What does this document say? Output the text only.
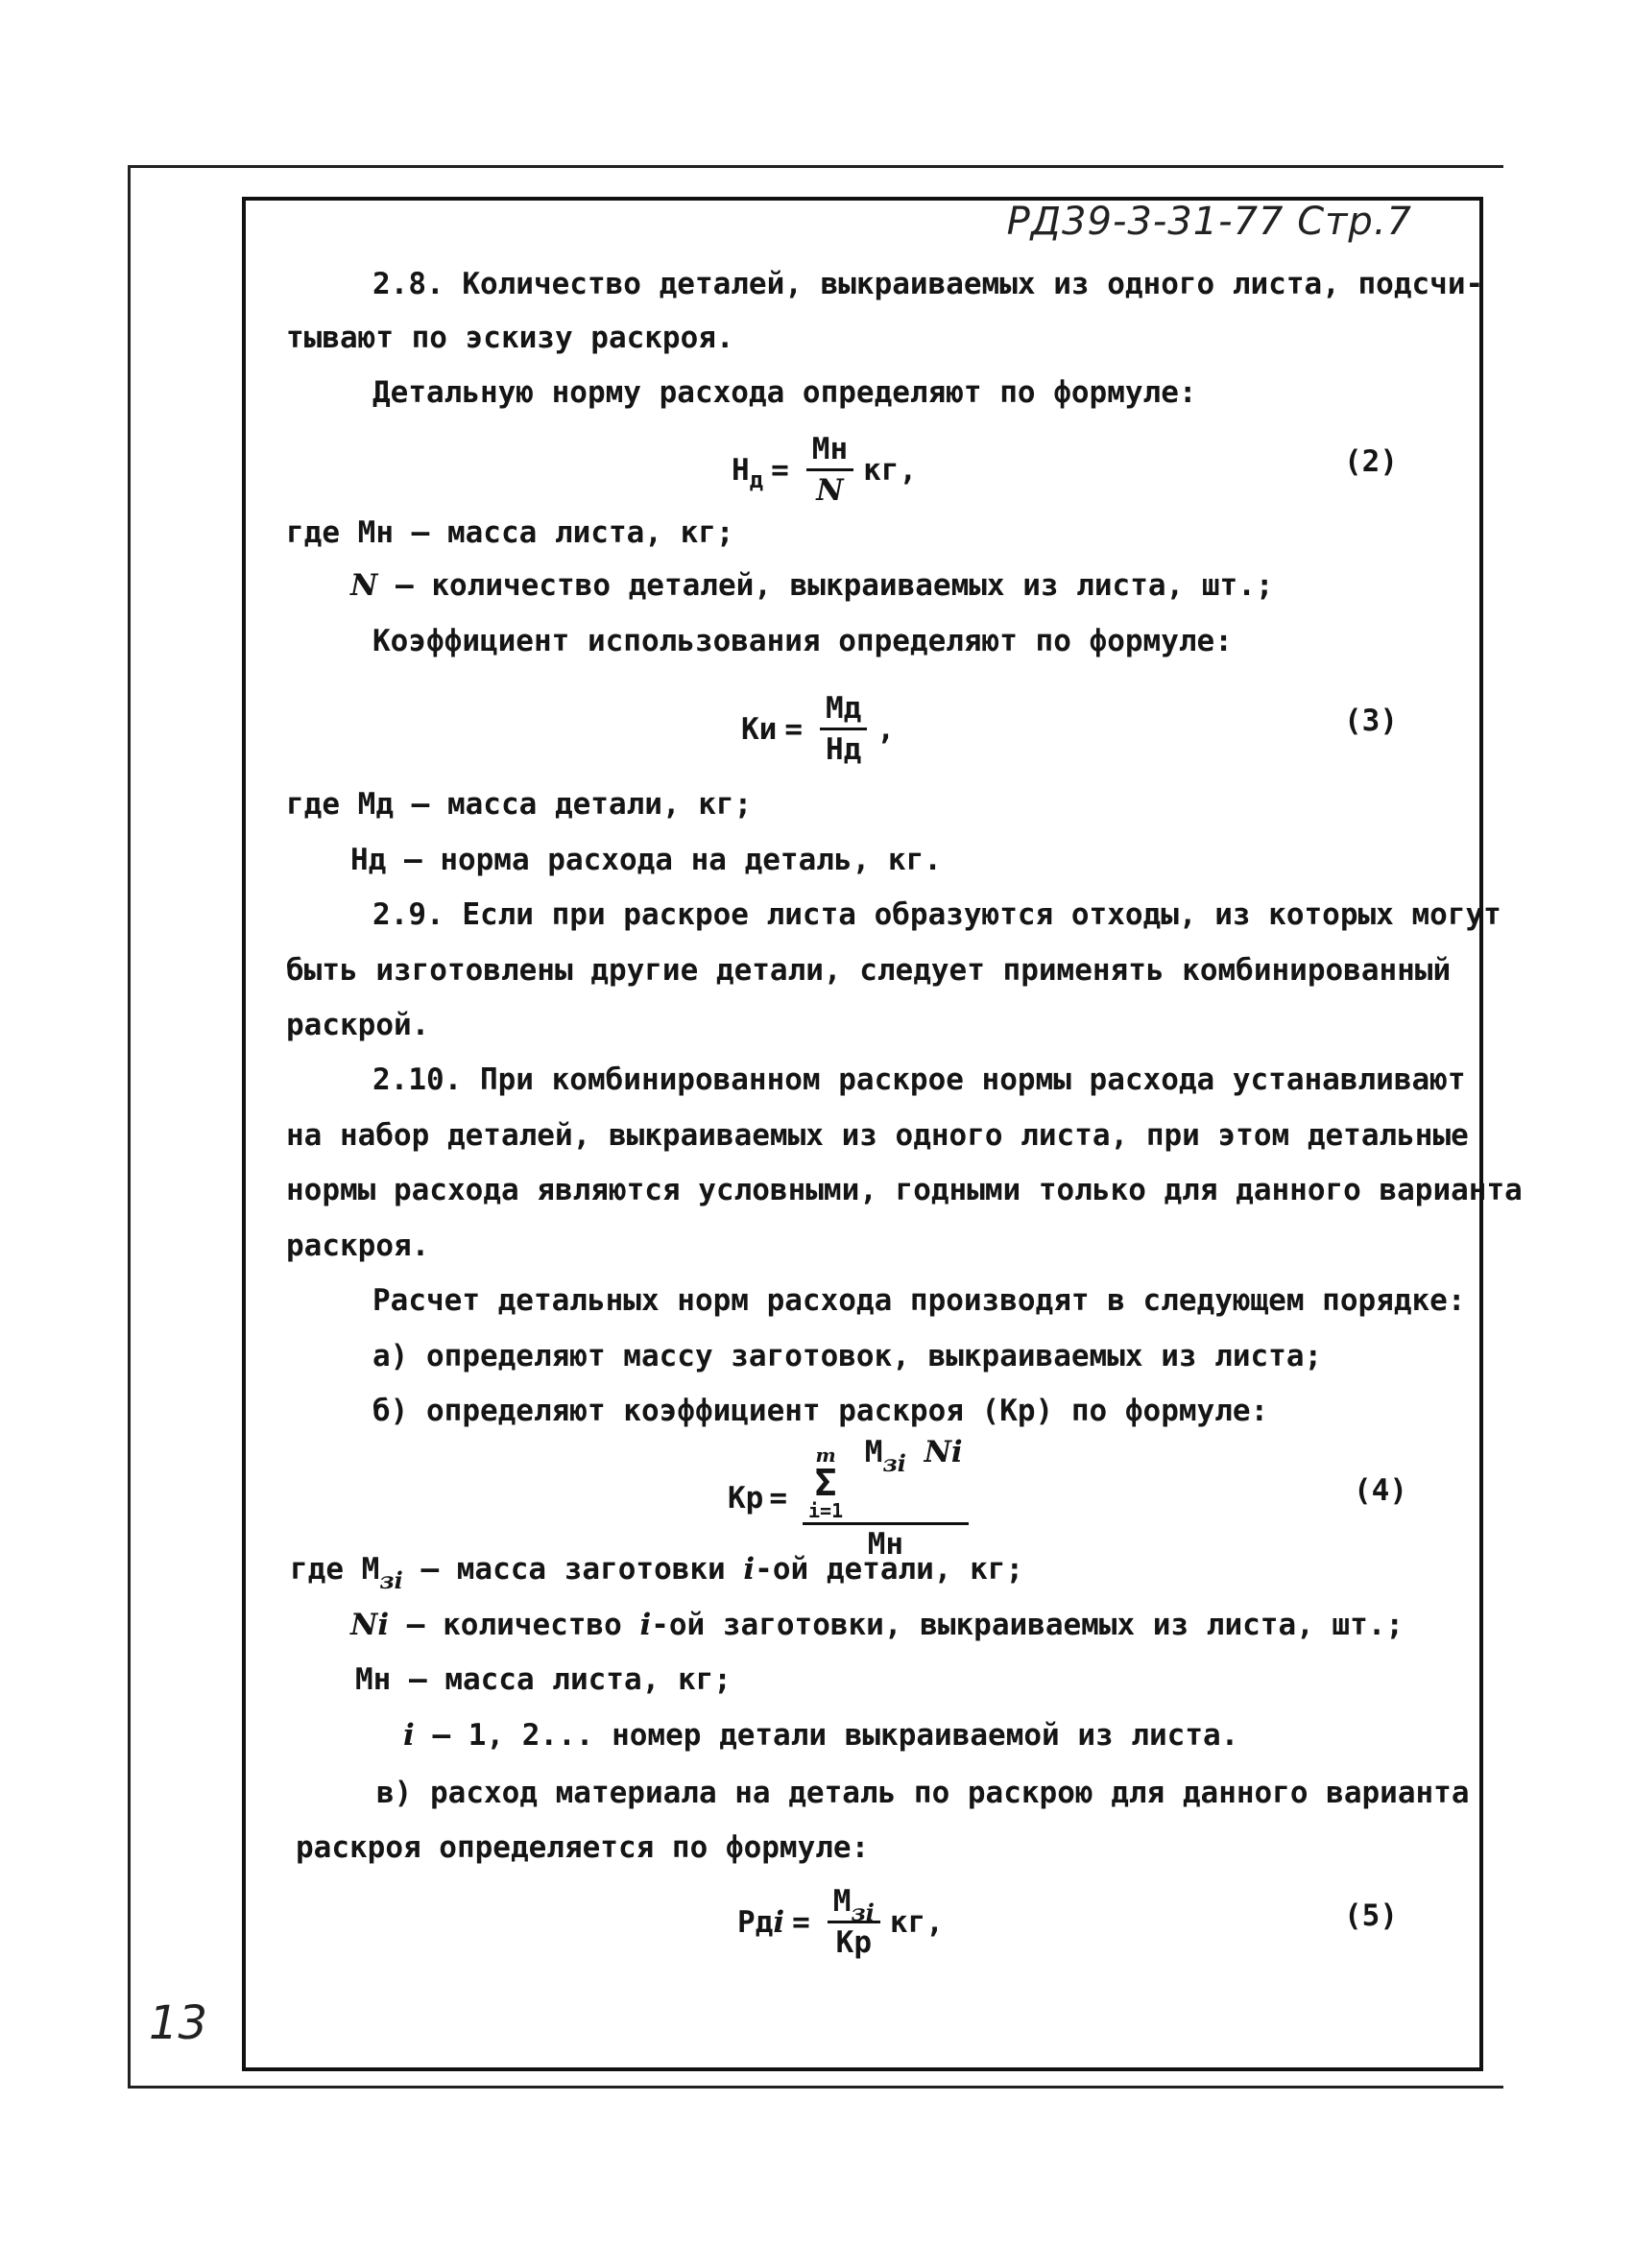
РД39-3-31-77 Стр.7
2.8. Количество деталей, выкраиваемых из одного листа, подсчи-
тывают по эскизу раскроя.
Детальную норму расхода определяют по формуле:
Н $д = \frac{Мн}{N}$ кг,	(2)
где Мн – масса листа, кг;
N – количество деталей, выкраиваемых из листа, шт.;
Коэффициент использования определяют по формуле:
Ки = $\frac{Мд}{Нд}$ ,	(3)
где Мд – масса детали, кг;
Нд – норма расхода на деталь, кг.
2.9. Если при раскрое листа образуются отходы, из которых могут
быть изготовлены другие детали, следует применять комбинированный
раскрой.
2.10. При комбинированном раскрое нормы расхода устанавливают
на набор деталей, выкраиваемых из одного листа, при этом детальные
нормы расхода являются условными, годными только для данного варианта
раскроя.
Расчет детальных норм расхода производят в следующем порядке:
а) определяют массу заготовок, выкраиваемых из листа;
б) определяют коэффициент раскроя (Кр) по формуле:
Кр = m
Σ
i=1
$М_{зi}$ Ni
Мн	(4)
где $М_{зi}$ – масса заготовки i-ой детали, кг;
Ni – количество i-ой заготовки, выкраиваемых из листа, шт.;
Мн – масса листа, кг;
i – 1, 2... номер детали выкраиваемой из листа.
в) расход материала на деталь по раскрою для данного варианта
раскроя определяется по формуле:
Рд $i = \frac{М_{зi}}{Кр}$ кг,	(5)
13
